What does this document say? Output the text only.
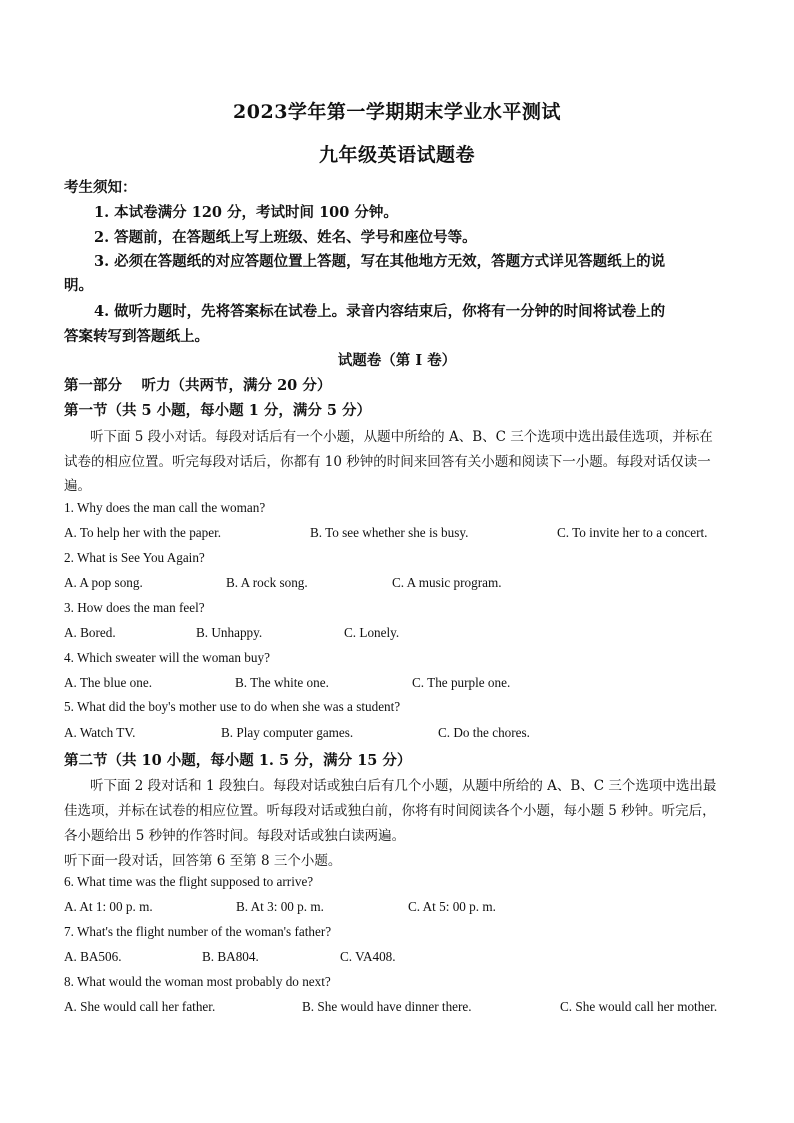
2023学年第一学期期末学业水平测试
九年级英语试题卷
考生须知：
1. 本试卷满分 120 分，考试时间 100 分钟。
2. 答题前，在答题纸上写上班级、姓名、学号和座位号等。
3. 必须在答题纸的对应答题位置上答题，写在其他地方无效，答题方式详见答题纸上的说
明。
4. 做听力题时，先将答案标在试卷上。录音内容结束后，你将有一分钟的时间将试卷上的
答案转写到答题纸上。
试题卷（第 I 卷）
第一部分　 听力（共两节，满分 20 分）
第一节（共 5 小题，每小题 1 分，满分 5 分）
听下面 5 段小对话。每段对话后有一个小题，从题中所给的 A、B、C 三个选项中选出最佳选项，并标在
试卷的相应位置。听完每段对话后，你都有 10 秒钟的时间来回答有关小题和阅读下一小题。每段对话仅读一
遍。
1. Why does the man call the woman?
A. To help her with the paper.	B. To see whether she is busy.	C. To invite her to a concert.
2. What is See You Again?
A. A pop song.	B. A rock song.	C. A music program.
3. How does the man feel?
A. Bored.	B. Unhappy.	C. Lonely.
4. Which sweater will the woman buy?
A. The blue one.	B. The white one.	C. The purple one.
5. What did the boy's mother use to do when she was a student?
A. Watch TV.	B. Play computer games.	C. Do the chores.
第二节（共 10 小题，每小题 1. 5 分，满分 15 分）
听下面 2 段对话和 1 段独白。每段对话或独白后有几个小题，从题中所给的 A、B、C 三个选项中选出最
佳选项，并标在试卷的相应位置。听每段对话或独白前，你将有时间阅读各个小题，每小题 5 秒钟。听完后，
各小题给出 5 秒钟的作答时间。每段对话或独白读两遍。
听下面一段对话，回答第 6 至第 8 三个小题。
6. What time was the flight supposed to arrive?
A. At 1: 00 p. m.	B. At 3: 00 p. m.	C. At 5: 00 p. m.
7. What's the flight number of the woman's father?
A. BA506.	B. BA804.	C. VA408.
8. What would the woman most probably do next?
A. She would call her father.	B. She would have dinner there.	C. She would call her mother.
